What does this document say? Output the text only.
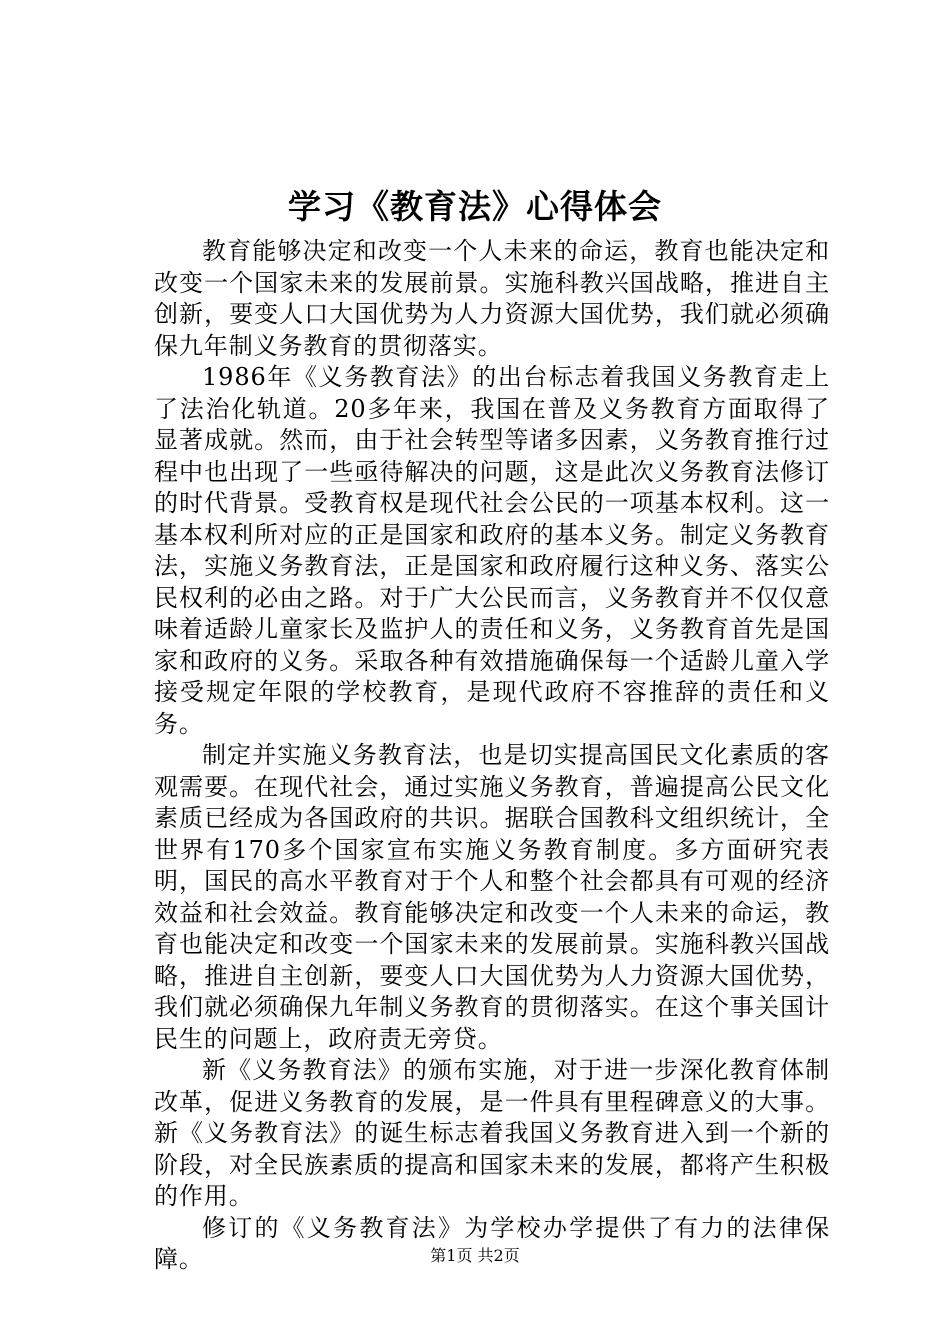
学习《教育法》心得体会

教育能够决定和改变一个人未来的命运，教育也能决定和改变一个国家未来的发展前景。实施科教兴国战略，推进自主创新，要变人口大国优势为人力资源大国优势，我们就必须确保九年制义务教育的贯彻落实。

1986年《义务教育法》的出台标志着我国义务教育走上了法治化轨道。20多年来，我国在普及义务教育方面取得了显著成就。然而，由于社会转型等诸多因素，义务教育推行过程中也出现了一些亟待解决的问题，这是此次义务教育法修订的时代背景。受教育权是现代社会公民的一项基本权利。这一基本权利所对应的正是国家和政府的基本义务。制定义务教育法，实施义务教育法，正是国家和政府履行这种义务、落实公民权利的必由之路。对于广大公民而言，义务教育并不仅仅意味着适龄儿童家长及监护人的责任和义务，义务教育首先是国家和政府的义务。采取各种有效措施确保每一个适龄儿童入学接受规定年限的学校教育，是现代政府不容推辞的责任和义务。

制定并实施义务教育法，也是切实提高国民文化素质的客观需要。在现代社会，通过实施义务教育，普遍提高公民文化素质已经成为各国政府的共识。据联合国教科文组织统计，全世界有170多个国家宣布实施义务教育制度。多方面研究表明，国民的高水平教育对于个人和整个社会都具有可观的经济效益和社会效益。教育能够决定和改变一个人未来的命运，教育也能决定和改变一个国家未来的发展前景。实施科教兴国战略，推进自主创新，要变人口大国优势为人力资源大国优势，我们就必须确保九年制义务教育的贯彻落实。在这个事关国计民生的问题上，政府责无旁贷。

新《义务教育法》的颁布实施，对于进一步深化教育体制改革，促进义务教育的发展，是一件具有里程碑意义的大事。新《义务教育法》的诞生标志着我国义务教育进入到一个新的阶段，对全民族素质的提高和国家未来的发展，都将产生积极的作用。

修订的《义务教育法》为学校办学提供了有力的法律保障。	第1页 共2页
